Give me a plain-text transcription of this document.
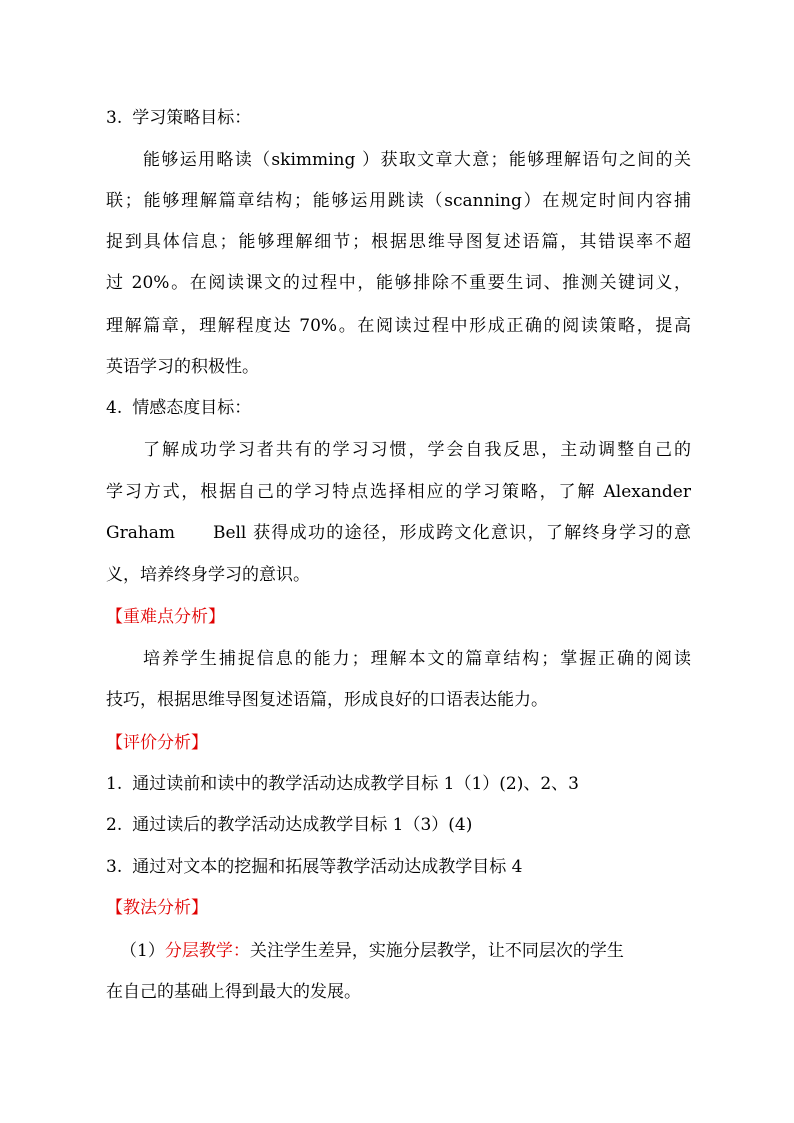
3. 学习策略目标：
能够运用略读（skimming ）获取文章大意；能够理解语句之间的关
联；能够理解篇章结构；能够运用跳读（scanning）在规定时间内容捕
捉到具体信息；能够理解细节；根据思维导图复述语篇，其错误率不超
过 20%。在阅读课文的过程中，能够排除不重要生词、推测关键词义，
理解篇章，理解程度达 70%。在阅读过程中形成正确的阅读策略，提高
英语学习的积极性。
4. 情感态度目标：
了解成功学习者共有的学习习惯，学会自我反思，主动调整自己的
学习方式，根据自己的学习特点选择相应的学习策略，了解 Alexander
Graham　　Bell 获得成功的途径，形成跨文化意识，了解终身学习的意
义，培养终身学习的意识。
【重难点分析】
培养学生捕捉信息的能力；理解本文的篇章结构；掌握正确的阅读
技巧，根据思维导图复述语篇，形成良好的口语表达能力。
【评价分析】
1. 通过读前和读中的教学活动达成教学目标 1（1）(2)、2、3
2. 通过读后的教学活动达成教学目标 1（3）(4)
3. 通过对文本的挖掘和拓展等教学活动达成教学目标 4
【教法分析】
（1）分层教学：关注学生差异，实施分层教学，让不同层次的学生
在自己的基础上得到最大的发展。
